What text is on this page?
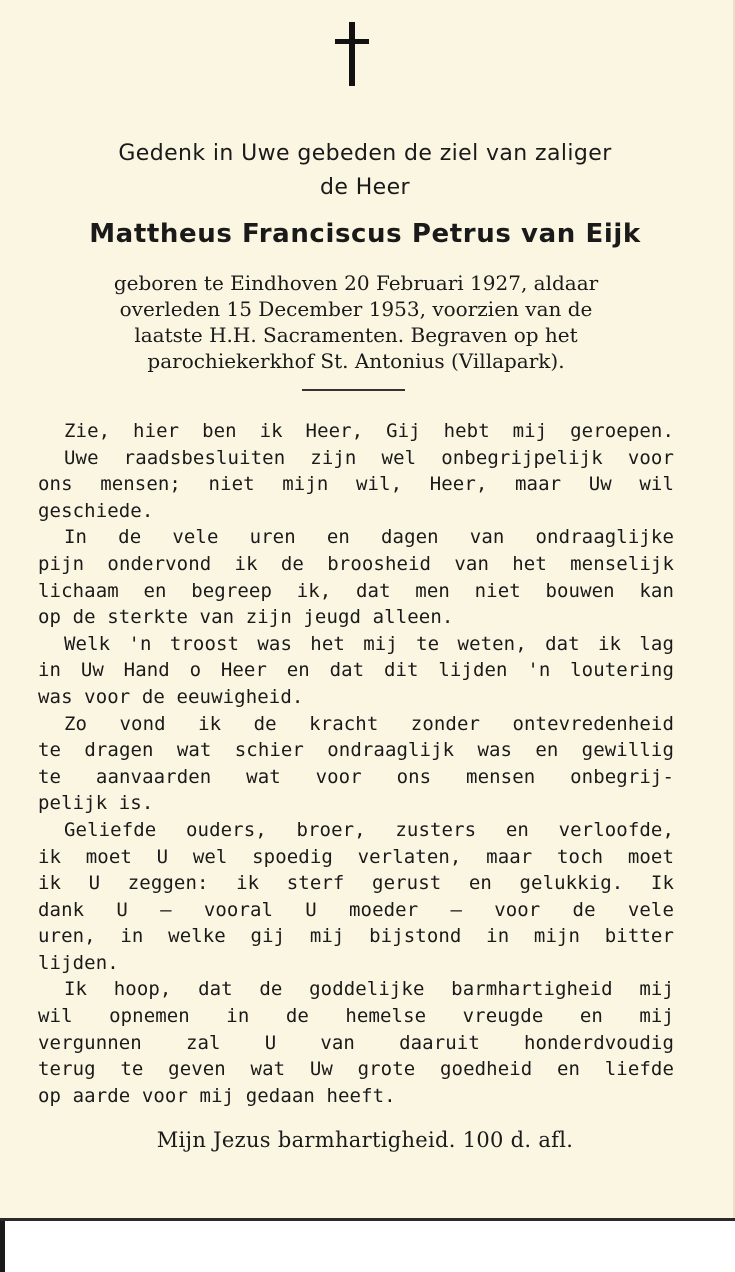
Gedenk in Uwe gebeden de ziel van zaliger
de Heer
Mattheus Franciscus Petrus van Eijk
geboren te Eindhoven 20 Februari 1927, aldaar
overleden 15 December 1953, voorzien van de
laatste H.H. Sacramenten. Begraven op het
parochiekerkhof St. Antonius (Villapark).
Zie, hier ben ik Heer, Gij hebt mij geroepen.
Uwe raadsbesluiten zijn wel onbegrijpelijk voor
ons mensen; niet mijn wil, Heer, maar Uw wil
geschiede.
In de vele uren en dagen van ondraaglijke
pijn ondervond ik de broosheid van het menselijk
lichaam en begreep ik, dat men niet bouwen kan
op de sterkte van zijn jeugd alleen.
Welk 'n troost was het mij te weten, dat ik lag
in Uw Hand o Heer en dat dit lijden 'n loutering
was voor de eeuwigheid.
Zo vond ik de kracht zonder ontevredenheid
te dragen wat schier ondraaglijk was en gewillig
te aanvaarden wat voor ons mensen onbegrij-
pelijk is.
Geliefde ouders, broer, zusters en verloofde,
ik moet U wel spoedig verlaten, maar toch moet
ik U zeggen: ik sterf gerust en gelukkig. Ik
dank U — vooral U moeder — voor de vele
uren, in welke gij mij bijstond in mijn bitter
lijden.
Ik hoop, dat de goddelijke barmhartigheid mij
wil opnemen in de hemelse vreugde en mij
vergunnen zal U van daaruit honderdvoudig
terug te geven wat Uw grote goedheid en liefde
op aarde voor mij gedaan heeft.
Mijn Jezus barmhartigheid. 100 d. afl.
